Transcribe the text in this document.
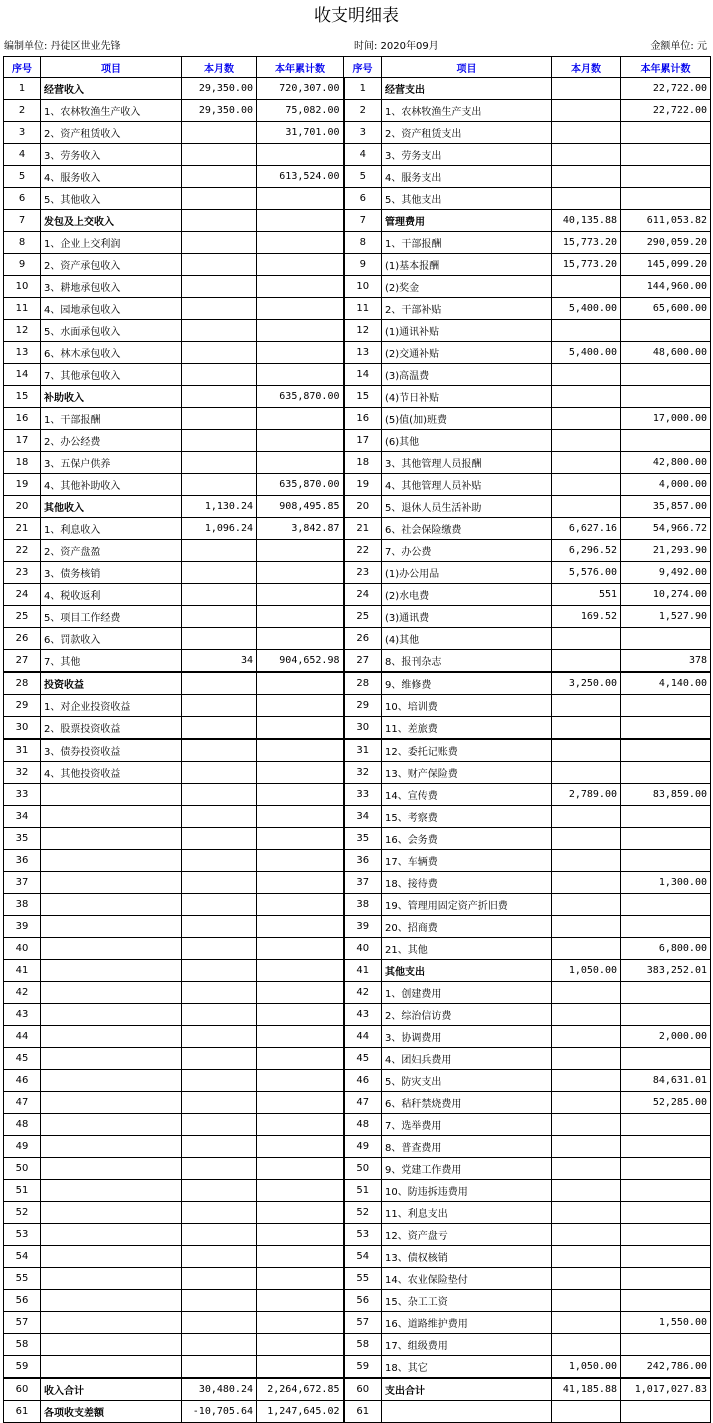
收支明细表
编制单位: 丹徒区世业先锋	时间: 2020年09月	金额单位: 元
序号	项目	本月数	本年累计数	序号	项目	本月数	本年累计数
1	经营收入	29,350.00	720,307.00	1	经营支出		22,722.00
2	1、农林牧渔生产收入	29,350.00	75,082.00	2	1、农林牧渔生产支出		22,722.00
3	2、资产租赁收入		31,701.00	3	2、资产租赁支出		
4	3、劳务收入			4	3、劳务支出		
5	4、服务收入		613,524.00	5	4、服务支出		
6	5、其他收入			6	5、其他支出		
7	发包及上交收入			7	管理费用	40,135.88	611,053.82
8	1、企业上交利润			8	1、干部报酬	15,773.20	290,059.20
9	2、资产承包收入			9	(1)基本报酬	15,773.20	145,099.20
10	3、耕地承包收入			10	(2)奖金		144,960.00
11	4、园地承包收入			11	2、干部补贴	5,400.00	65,600.00
12	5、水面承包收入			12	(1)通讯补贴		
13	6、林木承包收入			13	(2)交通补贴	5,400.00	48,600.00
14	7、其他承包收入			14	(3)高温费		
15	补助收入		635,870.00	15	(4)节日补贴		
16	1、干部报酬			16	(5)值(加)班费		17,000.00
17	2、办公经费			17	(6)其他		
18	3、五保户供养			18	3、其他管理人员报酬		42,800.00
19	4、其他补助收入		635,870.00	19	4、其他管理人员补贴		4,000.00
20	其他收入	1,130.24	908,495.85	20	5、退休人员生活补助		35,857.00
21	1、利息收入	1,096.24	3,842.87	21	6、社会保险缴费	6,627.16	54,966.72
22	2、资产盘盈			22	7、办公费	6,296.52	21,293.90
23	3、债务核销			23	(1)办公用品	5,576.00	9,492.00
24	4、税收返利			24	(2)水电费	551	10,274.00
25	5、项目工作经费			25	(3)通讯费	169.52	1,527.90
26	6、罚款收入			26	(4)其他		
27	7、其他	34	904,652.98	27	8、报刊杂志		378
28	投资收益			28	9、维修费	3,250.00	4,140.00
29	1、对企业投资收益			29	10、培训费		
30	2、股票投资收益			30	11、差旅费		
31	3、债券投资收益			31	12、委托记账费		
32	4、其他投资收益			32	13、财产保险费		
33				33	14、宣传费	2,789.00	83,859.00
34				34	15、考察费		
35				35	16、会务费		
36				36	17、车辆费		
37				37	18、接待费		1,300.00
38				38	19、管理用固定资产折旧费		
39				39	20、招商费		
40				40	21、其他		6,800.00
41				41	其他支出	1,050.00	383,252.01
42				42	1、创建费用		
43				43	2、综治信访费		
44				44	3、协调费用		2,000.00
45				45	4、团妇兵费用		
46				46	5、防灾支出		84,631.01
47				47	6、秸秆禁烧费用		52,285.00
48				48	7、选举费用		
49				49	8、普查费用		
50				50	9、党建工作费用		
51				51	10、防违拆违费用		
52				52	11、利息支出		
53				53	12、资产盘亏		
54				54	13、债权核销		
55				55	14、农业保险垫付		
56				56	15、杂工工资		
57				57	16、道路维护费用		1,550.00
58				58	17、组级费用		
59				59	18、其它	1,050.00	242,786.00
60	收入合计	30,480.24	2,264,672.85	60	支出合计	41,185.88	1,017,027.83
61	各项收支差额	-10,705.64	1,247,645.02	61			
